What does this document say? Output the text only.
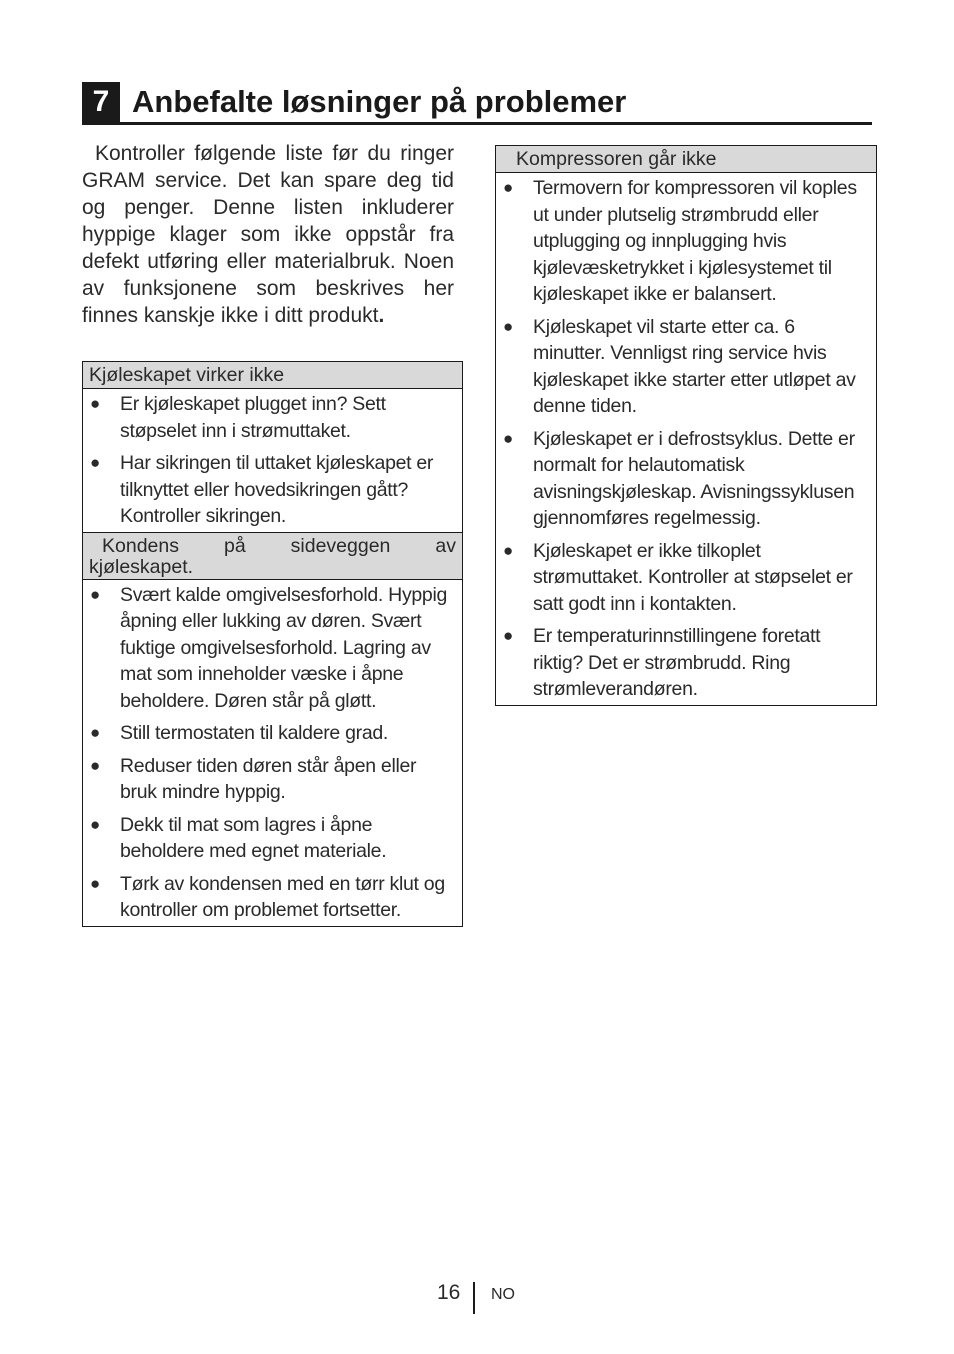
7 Anbefalte løsninger på problemer
Kontroller følgende liste før du ringer GRAM service. Det kan spare deg tid og penger. Denne listen inkluderer hyppige klager som ikke oppstår fra defekt utføring eller materialbruk. Noen av funksjonene som beskrives her finnes kanskje ikke i ditt produkt.
Kjøleskapet virker ikke
● Er kjøleskapet plugget inn? Sett støpselet inn i strømuttaket.
● Har sikringen til uttaket kjøleskapet er tilknyttet eller hovedsikringen gått? Kontroller sikringen.
Kondens på sideveggen av
kjøleskapet.
● Svært kalde omgivelsesforhold. Hyppig åpning eller lukking av døren. Svært fuktige omgivelsesforhold. Lagring av mat som inneholder væske i åpne beholdere. Døren står på gløtt.
● Still termostaten til kaldere grad.
● Reduser tiden døren står åpen eller bruk mindre hyppig.
● Dekk til mat som lagres i åpne beholdere med egnet materiale.
● Tørk av kondensen med en tørr klut og kontroller om problemet fortsetter.
Kompressoren går ikke
● Termovern for kompressoren vil koples ut under plutselig strømbrudd eller utplugging og innplugging hvis kjølevæsketrykket i kjølesystemet til kjøleskapet ikke er balansert.
● Kjøleskapet vil starte etter ca. 6 minutter. Vennligst ring service hvis kjøleskapet ikke starter etter utløpet av denne tiden.
● Kjøleskapet er i defrostsyklus. Dette er normalt for helautomatisk avisningskjøleskap. Avisningssyklusen gjennomføres regelmessig.
● Kjøleskapet er ikke tilkoplet strømuttaket. Kontroller at støpselet er satt godt inn i kontakten.
● Er temperaturinnstillingene foretatt riktig? Det er strømbrudd. Ring strømleverandøren.
16 NO
